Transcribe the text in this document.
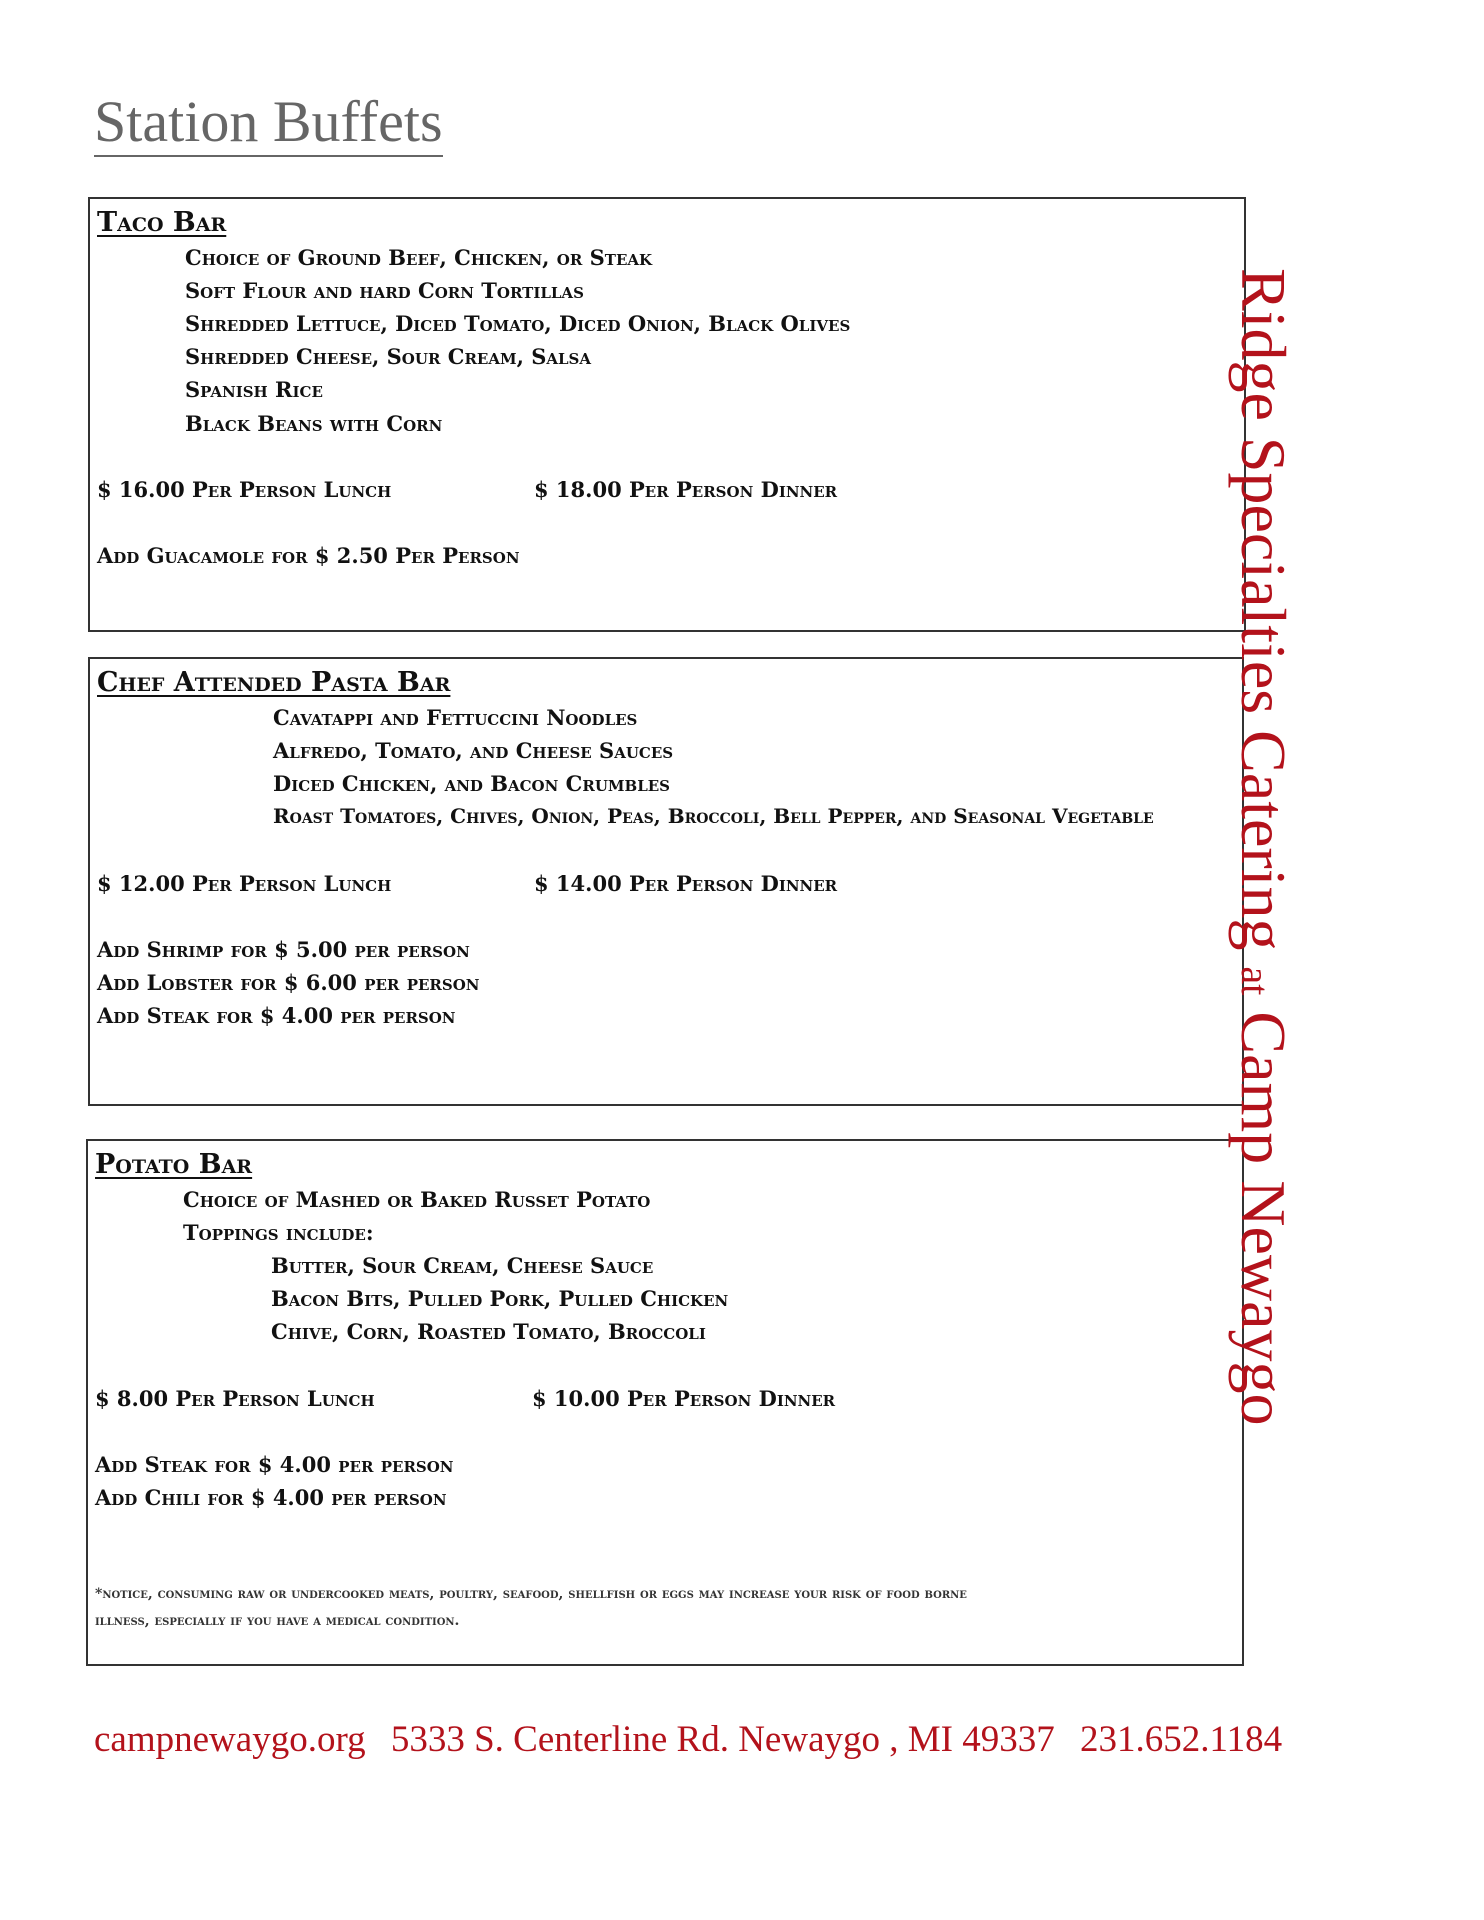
Station Buffets
Taco Bar
Choice of Ground Beef, Chicken, or Steak
Soft Flour and hard Corn Tortillas
Shredded Lettuce, Diced Tomato, Diced Onion, Black Olives
Shredded Cheese, Sour Cream, Salsa
Spanish Rice
Black Beans with Corn
$ 16.00 Per Person Lunch	$ 18.00 Per Person Dinner
Add Guacamole for $ 2.50 Per Person
Chef Attended Pasta Bar
Cavatappi and Fettuccini Noodles
Alfredo, Tomato, and Cheese Sauces
Diced Chicken, and Bacon Crumbles
Roast Tomatoes, Chives, Onion, Peas, Broccoli, Bell Pepper, and Seasonal Vegetable
$ 12.00 Per Person Lunch	$ 14.00 Per Person Dinner
Add Shrimp for $ 5.00 per person
Add Lobster for $ 6.00 per person
Add Steak for $ 4.00 per person
Potato Bar
Choice of Mashed or Baked Russet Potato
Toppings include:
Butter, Sour Cream, Cheese Sauce
Bacon Bits, Pulled Pork, Pulled Chicken
Chive, Corn, Roasted Tomato, Broccoli
$ 8.00 Per Person Lunch	$ 10.00 Per Person Dinner
Add Steak for $ 4.00 per person
Add Chili for $ 4.00 per person
*notice, consuming raw or undercooked meats, poultry, seafood, shellfish or eggs may increase your risk of food borne
illness, especially if you have a medical condition.
Ridge Specialties Catering at Camp Newaygo
campnewaygo.org 5333 S. Centerline Rd. Newaygo , MI 49337 231.652.1184
